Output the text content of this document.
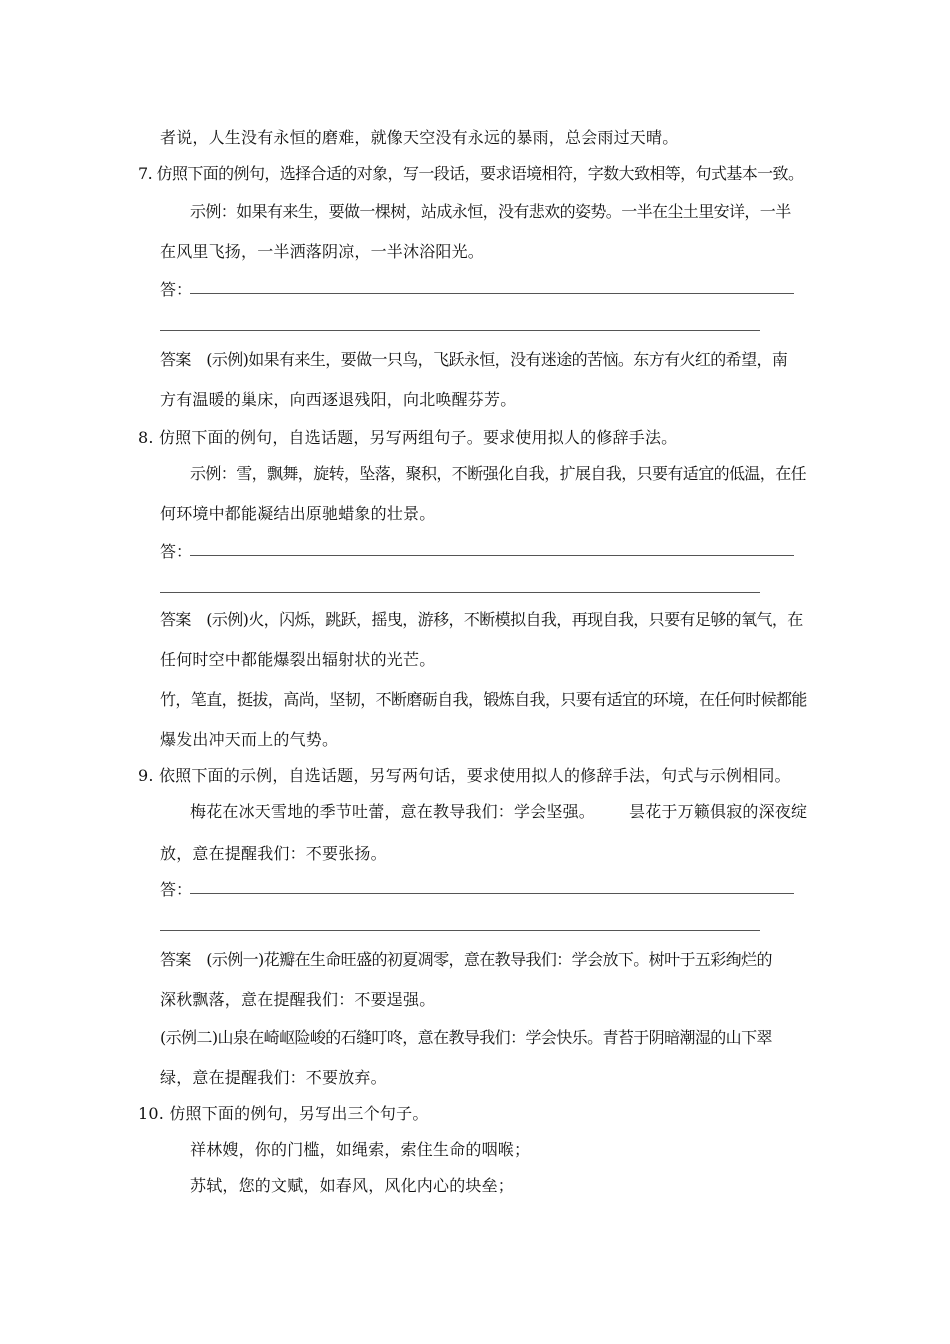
者说，人生没有永恒的磨难，就像天空没有永远的暴雨，总会雨过天晴。
7. 仿照下面的例句，选择合适的对象，写一段话，要求语境相符，字数大致相等，句式基本一致。
示例：如果有来生，要做一棵树，站成永恒，没有悲欢的姿势。一半在尘土里安详，一半
在风里飞扬，一半洒落阴凉，一半沐浴阳光。
答：
答案　(示例)如果有来生，要做一只鸟，飞跃永恒，没有迷途的苦恼。东方有火红的希望，南
方有温暖的巢床，向西逐退残阳，向北唤醒芬芳。
8. 仿照下面的例句，自选话题，另写两组句子。要求使用拟人的修辞手法。
示例：雪，飘舞，旋转，坠落，聚积，不断强化自我，扩展自我，只要有适宜的低温，在任
何环境中都能凝结出原驰蜡象的壮景。
答：
答案　(示例)火，闪烁，跳跃，摇曳，游移，不断模拟自我，再现自我，只要有足够的氧气，在
任何时空中都能爆裂出辐射状的光芒。
竹，笔直，挺拔，高尚，坚韧，不断磨砺自我，锻炼自我，只要有适宜的环境，在任何时候都能
爆发出冲天而上的气势。
9. 依照下面的示例，自选话题，另写两句话，要求使用拟人的修辞手法，句式与示例相同。
梅花在冰天雪地的季节吐蕾，意在教导我们：学会坚强。 昙花于万籁俱寂的深夜绽
放，意在提醒我们：不要张扬。
答：
答案　(示例一)花瓣在生命旺盛的初夏凋零，意在教导我们：学会放下。树叶于五彩绚烂的
深秋飘落，意在提醒我们：不要逞强。
(示例二)山泉在崎岖险峻的石缝叮咚，意在教导我们：学会快乐。青苔于阴暗潮湿的山下翠
绿，意在提醒我们：不要放弃。
10. 仿照下面的例句，另写出三个句子。
祥林嫂，你的门槛，如绳索，索住生命的咽喉；
苏轼，您的文赋，如春风，风化内心的块垒；
